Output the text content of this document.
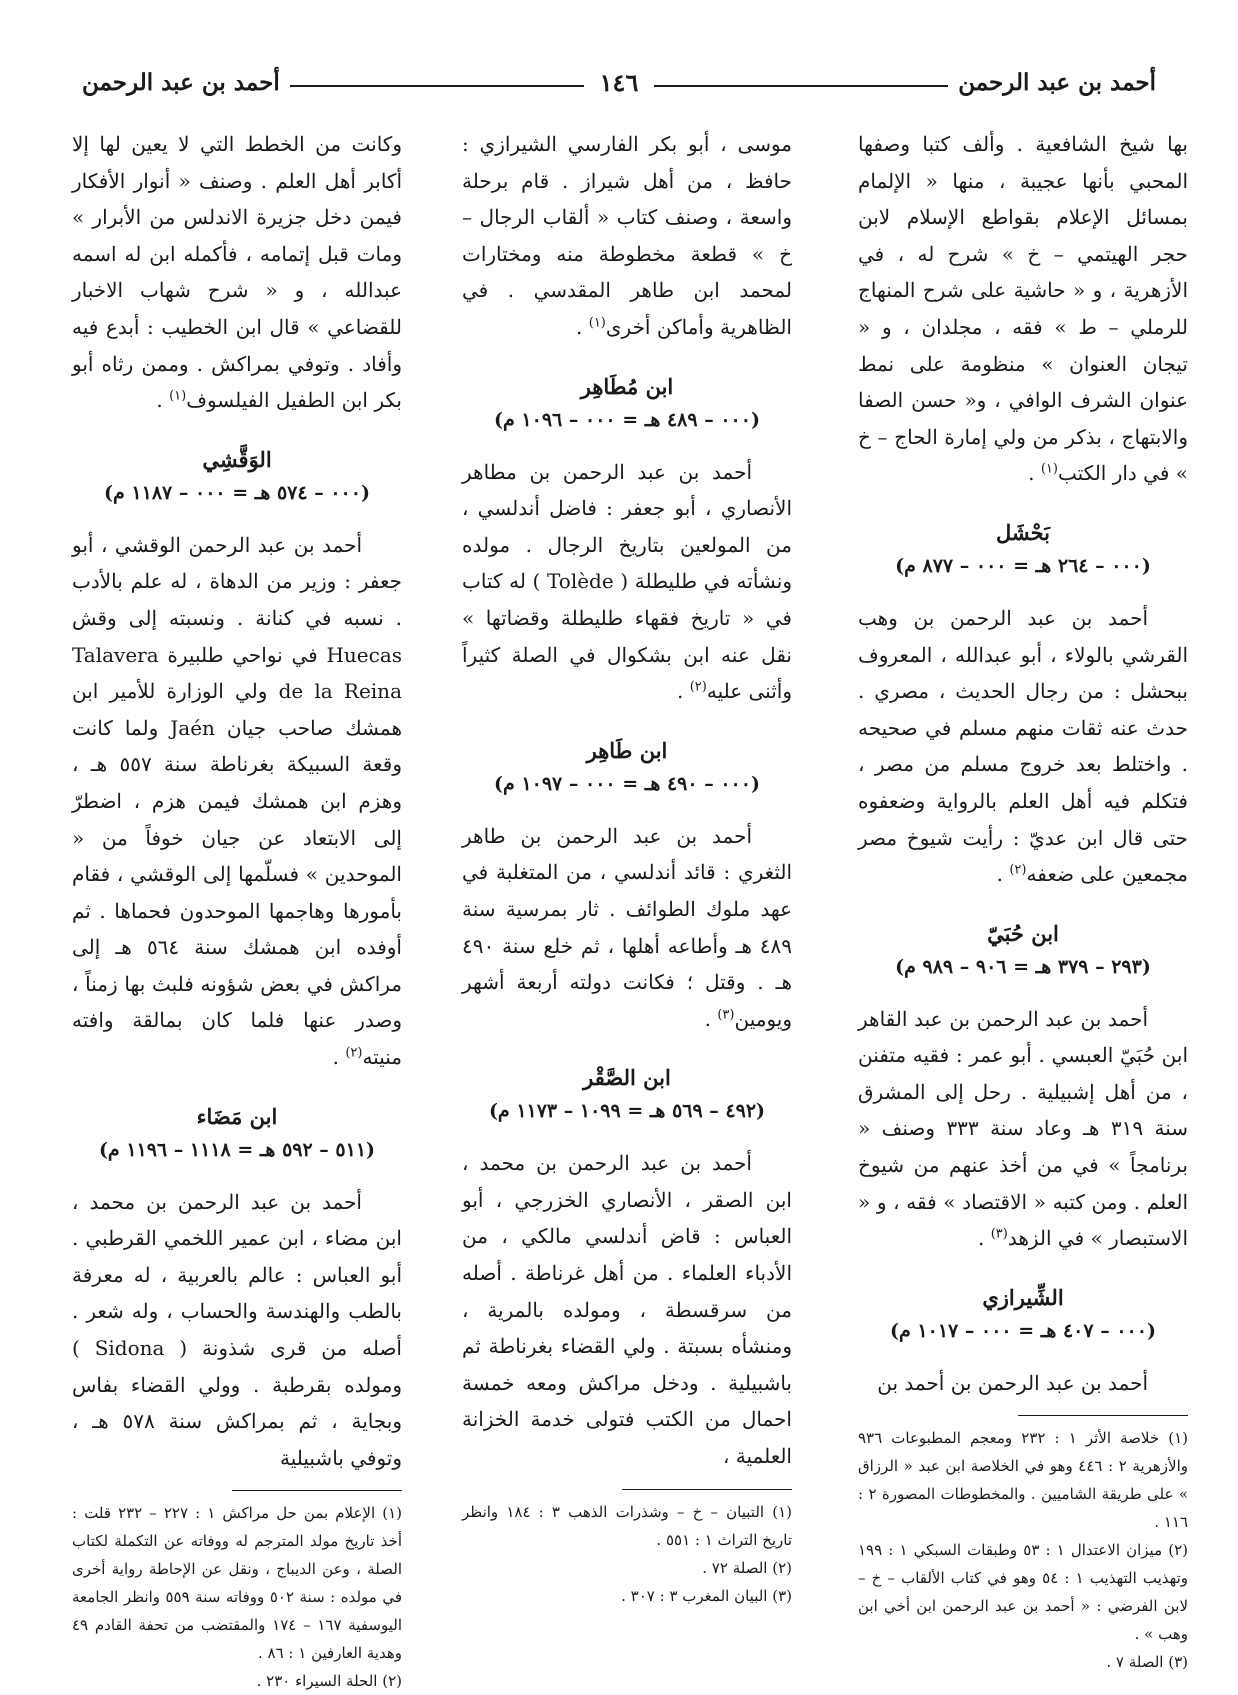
أحمد بن عبد الرحمن
١٤٦
أحمد بن عبد الرحمن

بها شيخ الشافعية . وألف كتبا وصفها المحبي بأنها عجيبة ، منها « الإلمام بمسائل الإعلام بقواطع الإسلام لابن حجر الهيتمي – خ » شرح له ، في الأزهرية ، و « حاشية على شرح المنهاج للرملي – ط » فقه ، مجلدان ، و « تيجان العنوان » منظومة على نمط عنوان الشرف الوافي ، و« حسن الصفا والابتهاج ، بذكر من ولي إمارة الحاج – خ » في دار الكتب$^{(١)}$ .

بَحْشَل
(٠٠٠ – ٢٦٤ هـ = ٠٠٠ – ٨٧٧ م)

أحمد بن عبد الرحمن بن وهب القرشي بالولاء ، أبو عبدالله ، المعروف ببحشل : من رجال الحديث ، مصري . حدث عنه ثقات منهم مسلم في صحيحه . واختلط بعد خروج مسلم من مصر ، فتكلم فيه أهل العلم بالرواية وضعفوه حتى قال ابن عديّ : رأيت شيوخ مصر مجمعين على ضعفه$^{(٢)}$ .

ابن حُبَيّ
(٢٩٣ – ٣٧٩ هـ = ٩٠٦ – ٩٨٩ م)

أحمد بن عبد الرحمن بن عبد القاهر ابن حُبَيّ العبسي . أبو عمر : فقيه متفنن ، من أهل إشبيلية . رحل إلى المشرق سنة ٣١٩ هـ وعاد سنة ٣٣٣ وصنف « برنامجاً » في من أخذ عنهم من شيوخ العلم . ومن كتبه « الاقتصاد » فقه ، و « الاستبصار » في الزهد$^{(٣)}$ .

الشِّيرازي
(٠٠٠ – ٤٠٧ هـ = ٠٠٠ – ١٠١٧ م)

أحمد بن عبد الرحمن بن أحمد بن

(١) خلاصة الأثر ١ : ٢٣٢ ومعجم المطبوعات ٩٣٦ والأزهرية ٢ : ٤٤٦ وهو في الخلاصة ابن عبد « الرزاق » على طريقة الشاميين . والمخطوطات المصورة ٢ : ١١٦ .
(٢) ميزان الاعتدال ١ : ٥٣ وطبقات السبكي ١ : ١٩٩ وتهذيب التهذيب ١ : ٥٤ وهو في كتاب الألقاب – خ – لابن الفرضي : « أحمد بن عبد الرحمن ابن أخي ابن وهب » .
(٣) الصلة ٧ .

موسى ، أبو بكر الفارسي الشيرازي : حافظ ، من أهل شيراز . قام برحلة واسعة ، وصنف كتاب « ألقاب الرجال – خ » قطعة مخطوطة منه ومختارات لمحمد ابن طاهر المقدسي . في الظاهرية وأماكن أخرى$^{(١)}$ .

ابن مُطَاهِر
(٠٠٠ – ٤٨٩ هـ = ٠٠٠ – ١٠٩٦ م)

أحمد بن عبد الرحمن بن مطاهر الأنصاري ، أبو جعفر : فاضل أندلسي ، من المولعين بتاريخ الرجال . مولده ونشأته في طليطلة ( Tolède ) له كتاب في « تاريخ فقهاء طليطلة وقضاتها » نقل عنه ابن بشكوال في الصلة كثيراً وأثنى عليه$^{(٢)}$ .

ابن طَاهِر
(٠٠٠ – ٤٩٠ هـ = ٠٠٠ – ١٠٩٧ م)

أحمد بن عبد الرحمن بن طاهر الثغري : قائد أندلسي ، من المتغلبة في عهد ملوك الطوائف . ثار بمرسية سنة ٤٨٩ هـ وأطاعه أهلها ، ثم خلع سنة ٤٩٠ هـ . وقتل ؛ فكانت دولته أربعة أشهر ويومين$^{(٣)}$ .

ابن الصَّقْر
(٤٩٢ – ٥٦٩ هـ = ١٠٩٩ – ١١٧٣ م)

أحمد بن عبد الرحمن بن محمد ، ابن الصقر ، الأنصاري الخزرجي ، أبو العباس : قاض أندلسي مالكي ، من الأدباء العلماء . من أهل غرناطة . أصله من سرقسطة ، ومولده بالمرية ، ومنشأه بسبتة . ولي القضاء بغرناطة ثم باشبيلية . ودخل مراكش ومعه خمسة احمال من الكتب فتولى خدمة الخزانة العلمية ،

(١) التبيان – خ – وشذرات الذهب ٣ : ١٨٤ وانظر تاريخ التراث ١ : ٥٥١ .
(٢) الصلة ٧٢ .
(٣) البيان المغرب ٣ : ٣٠٧ .

وكانت من الخطط التي لا يعين لها إلا أكابر أهل العلم . وصنف « أنوار الأفكار فيمن دخل جزيرة الاندلس من الأبرار » ومات قبل إتمامه ، فأكمله ابن له اسمه عبدالله ، و « شرح شهاب الاخبار للقضاعي » قال ابن الخطيب : أبدع فيه وأفاد . وتوفي بمراكش . وممن رثاه أبو بكر ابن الطفيل الفيلسوف$^{(١)}$ .

الوَقَّشِي
(٠٠٠ – ٥٧٤ هـ = ٠٠٠ – ١١٨٧ م)

أحمد بن عبد الرحمن الوقشي ، أبو جعفر : وزير من الدهاة ، له علم بالأدب . نسبه في كنانة . ونسبته إلى وقش Huecas في نواحي طلبيرة Talavera de la Reina ولي الوزارة للأمير ابن همشك صاحب جيان Jaén ولما كانت وقعة السبيكة بغرناطة سنة ٥٥٧ هـ ، وهزم ابن همشك فيمن هزم ، اضطرّ إلى الابتعاد عن جيان خوفاً من « الموحدين » فسلّمها إلى الوقشي ، فقام بأمورها وهاجمها الموحدون فحماها . ثم أوفده ابن همشك سنة ٥٦٤ هـ إلى مراكش في بعض شؤونه فلبث بها زمناً ، وصدر عنها فلما كان بمالقة وافته منيته$^{(٢)}$ .

ابن مَضَاء
(٥١١ – ٥٩٢ هـ = ١١١٨ – ١١٩٦ م)

أحمد بن عبد الرحمن بن محمد ، ابن مضاء ، ابن عمير اللخمي القرطبي . أبو العباس : عالم بالعربية ، له معرفة بالطب والهندسة والحساب ، وله شعر . أصله من قرى شذونة ( Sidona ) ومولده بقرطبة . وولي القضاء بفاس وبجاية ، ثم بمراكش سنة ٥٧٨ هـ ، وتوفي باشبيلية

(١) الإعلام بمن حل مراكش ١ : ٢٢٧ – ٢٣٢ قلت : أخذ تاريخ مولد المترجم له ووفاته عن التكملة لكتاب الصلة ، وعن الديباج ، ونقل عن الإحاطة رواية أخرى في مولده : سنة ٥٠٢ ووفاته سنة ٥٥٩ وانظر الجامعة اليوسفية ١٦٧ – ١٧٤ والمقتضب من تحفة القادم ٤٩ وهدية العارفين ١ : ٨٦ .
(٢) الحلة السيراء ٢٣٠ .
